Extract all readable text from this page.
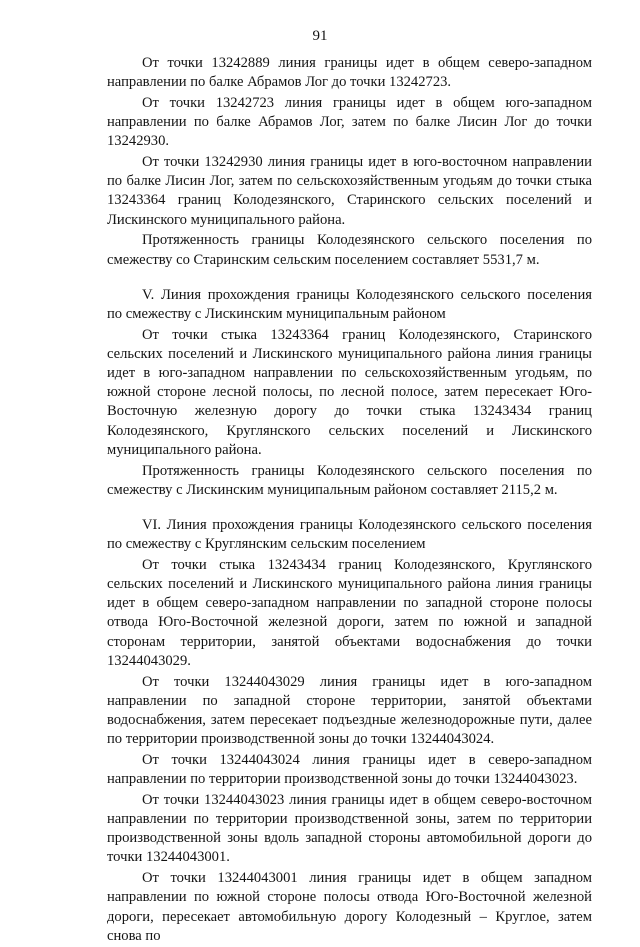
91

От точки 13242889 линия границы идет в общем северо-западном направлении по балке Абрамов Лог до точки 13242723.

От точки 13242723 линия границы идет в общем юго-западном направлении по балке Абрамов Лог, затем по балке Лисин Лог до точки 13242930.

От точки 13242930 линия границы идет в юго-восточном направлении по балке Лисин Лог, затем по сельскохозяйственным угодьям до точки стыка 13243364 границ Колодезянского, Старинского сельских поселений и Лискинского муниципального района.

Протяженность границы Колодезянского сельского поселения по смежеству со Старинским сельским поселением составляет 5531,7 м.

V. Линия прохождения границы Колодезянского сельского поселения по смежеству с Лискинским муниципальным районом

От точки стыка 13243364 границ Колодезянского, Старинского сельских поселений и Лискинского муниципального района линия границы идет в юго-западном направлении по сельскохозяйственным угодьям, по южной стороне лесной полосы, по лесной полосе, затем пересекает Юго-Восточную железную дорогу до точки стыка 13243434 границ Колодезянского, Круглянского сельских поселений и Лискинского муниципального района.

Протяженность границы Колодезянского сельского поселения по смежеству с Лискинским муниципальным районом составляет 2115,2 м.

VI. Линия прохождения границы Колодезянского сельского поселения по смежеству с Круглянским сельским поселением

От точки стыка 13243434 границ Колодезянского, Круглянского сельских поселений и Лискинского муниципального района линия границы идет в общем северо-западном направлении по западной стороне полосы отвода Юго-Восточной железной дороги, затем по южной и западной сторонам территории, занятой объектами водоснабжения до точки 13244043029.

От точки 13244043029 линия границы идет в юго-западном направлении по западной стороне территории, занятой объектами водоснабжения, затем пересекает подъездные железнодорожные пути, далее по территории производственной зоны до точки 13244043024.

От точки 13244043024 линия границы идет в северо-западном направлении по территории производственной зоны до точки 13244043023.

От точки 13244043023 линия границы идет в общем северо-восточном направлении по территории производственной зоны, затем по территории производственной зоны вдоль западной стороны автомобильной дороги до точки 13244043001.

От точки 13244043001 линия границы идет в общем западном направлении по южной стороне полосы отвода Юго-Восточной железной дороги, пересекает автомобильную дорогу Колодезный – Круглое, затем снова по
